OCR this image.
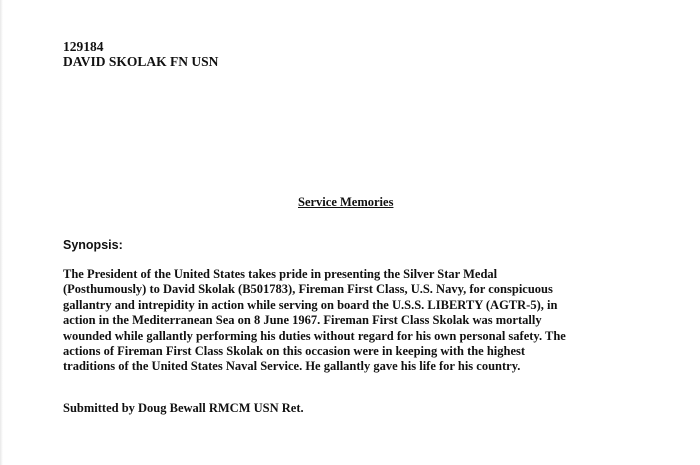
129184
DAVID SKOLAK FN USN
Service Memories
Synopsis:
The President of the United States takes pride in presenting the Silver Star Medal
(Posthumously) to David Skolak (B501783), Fireman First Class, U.S. Navy, for conspicuous
gallantry and intrepidity in action while serving on board the U.S.S. LIBERTY (AGTR-5), in
action in the Mediterranean Sea on 8 June 1967. Fireman First Class Skolak was mortally
wounded while gallantly performing his duties without regard for his own personal safety. The
actions of Fireman First Class Skolak on this occasion were in keeping with the highest
traditions of the United States Naval Service. He gallantly gave his life for his country.
Submitted by Doug Bewall RMCM USN Ret.
